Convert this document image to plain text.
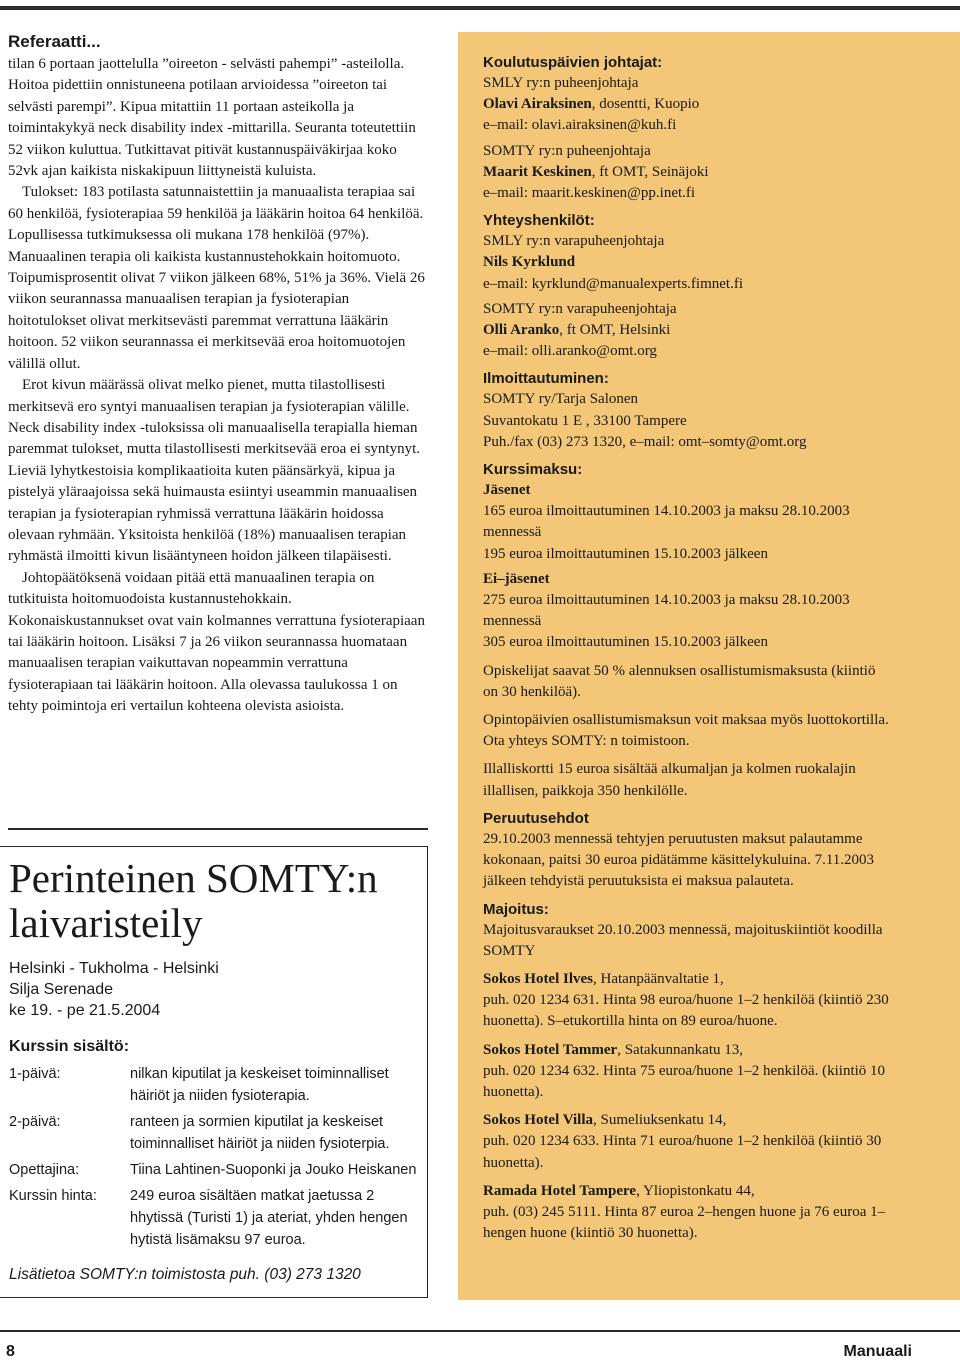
Referaatti...

tilan 6 portaan jaottelulla ”oireeton - selvästi pahempi” -asteilolla. Hoitoa pidettiin onnistuneena potilaan arvioidessa ”oireeton tai selvästi parempi”. Kipua mitattiin 11 portaan asteikolla ja toimintakykyä neck disability index -mittarilla. Seuranta toteutettiin 52 viikon kuluttua. Tutkittavat pitivät kustannuspäiväkirjaa koko 52vk ajan kaikista niskakipuun liittyneistä kuluista.

Tulokset: 183 potilasta satunnaistettiin ja manuaalista terapiaa sai 60 henkilöä, fysioterapiaa 59 henkilöä ja lääkärin hoitoa 64 henkilöä. Lopullisessa tutkimuksessa oli mukana 178 henkilöä (97%). Manuaalinen terapia oli kaikista kustannustehokkain hoitomuoto. Toipumisprosentit olivat 7 viikon jälkeen 68%, 51% ja 36%. Vielä 26 viikon seurannassa manuaalisen terapian ja fysioterapian hoitotulokset olivat merkitsevästi paremmat verrattuna lääkärin hoitoon. 52 viikon seurannassa ei merkitsevää eroa hoitomuotojen välillä ollut.

Erot kivun määrässä olivat melko pienet, mutta tilastollisesti merkitsevä ero syntyi manuaalisen terapian ja fysioterapian välille. Neck disability index -tuloksissa oli manuaalisella terapialla hieman paremmat tulokset, mutta tilastollisesti merkitsevää eroa ei syntynyt. Lieviä lyhytkestoisia komplikaatioita kuten päänsärkyä, kipua ja pistelyä yläraajoissa sekä huimausta esiintyi useammin manuaalisen terapian ja fysioterapian ryhmissä verrattuna lääkärin hoidossa olevaan ryhmään. Yksitoista henkilöä (18%) manuaalisen terapian ryhmästä ilmoitti kivun lisääntyneen hoidon jälkeen tilapäisesti.

Johtopäätöksenä voidaan pitää että manuaalinen terapia on tutkituista hoitomuodoista kustannustehokkain. Kokonaiskustannukset ovat vain kolmannes verrattuna fysioterapiaan tai lääkärin hoitoon. Lisäksi 7 ja 26 viikon seurannassa huomataan manuaalisen terapian vaikuttavan nopeammin verrattuna fysioterapiaan tai lääkärin hoitoon. Alla olevassa taulukossa 1 on tehty poimintoja eri vertailun kohteena olevista asioista.

Perinteinen SOMTY:n laivaristeily
Helsinki - Tukholma - Helsinki
Silja Serenade
ke 19. - pe 21.5.2004
Kurssin sisältö:
1-päivä:	nilkan kiputilat ja keskeiset toiminnalliset häiriöt ja niiden fysioterapia.
2-päivä:	ranteen ja sormien kiputilat ja keskeiset toiminnalliset häiriöt ja niiden fysioterpia.
Opettajina:	Tiina Lahtinen-Suoponki ja Jouko Heiskanen
Kurssin hinta:	249 euroa sisältäen matkat jaetussa 2 hhytissä (Turisti 1) ja ateriat, yhden hengen hytistä lisämaksu 97 euroa.
Lisätietoa SOMTY:n toimistosta puh. (03) 273 1320

Koulutuspäivien johtajat:

SMLY ry:n puheenjohtaja

Olavi Airaksinen, dosentti, Kuopio

e–mail: olavi.airaksinen@kuh.fi

SOMTY ry:n puheenjohtaja

Maarit Keskinen, ft OMT, Seinäjoki

e–mail: maarit.keskinen@pp.inet.fi

Yhteyshenkilöt:

SMLY ry:n varapuheenjohtaja

Nils Kyrklund

e–mail: kyrklund@manualexperts.fimnet.fi

SOMTY ry:n varapuheenjohtaja

Olli Aranko, ft OMT, Helsinki

e–mail: olli.aranko@omt.org

Ilmoittautuminen:

SOMTY ry/Tarja Salonen

Suvantokatu 1 E , 33100 Tampere

Puh./fax (03) 273 1320, e–mail: omt–somty@omt.org

Kurssimaksu:

Jäsenet

165 euroa ilmoittautuminen 14.10.2003 ja maksu 28.10.2003 mennessä

195 euroa ilmoittautuminen 15.10.2003 jälkeen

Ei–jäsenet

275 euroa ilmoittautuminen 14.10.2003 ja maksu 28.10.2003 mennessä

305 euroa ilmoittautuminen 15.10.2003 jälkeen

Opiskelijat saavat 50 % alennuksen osallistumismaksusta (kiintiö on 30 henkilöä).

Opintopäivien osallistumismaksun voit maksaa myös luottokortilla. Ota yhteys SOMTY: n toimistoon.

Illalliskortti 15 euroa sisältää alkumaljan ja kolmen ruokalajin illallisen, paikkoja 350 henkilölle.

Peruutusehdot

29.10.2003 mennessä tehtyjen peruutusten maksut palautamme kokonaan, paitsi 30 euroa pidätämme käsittelykuluina. 7.11.2003 jälkeen tehdyistä peruutuksista ei maksua palauteta.

Majoitus:

Majoitusvaraukset 20.10.2003 mennessä, majoituskiintiöt koodilla SOMTY

Sokos Hotel Ilves, Hatanpäänvaltatie 1,

puh. 020 1234 631. Hinta 98 euroa/huone 1–2 henkilöä (kiintiö 230 huonetta). S–etukortilla hinta on 89 euroa/huone.

Sokos Hotel Tammer, Satakunnankatu 13,

puh. 020 1234 632. Hinta 75 euroa/huone 1–2 henkilöä. (kiintiö 10 huonetta).

Sokos Hotel Villa, Sumeliuksenkatu 14,

puh. 020 1234 633. Hinta 71 euroa/huone 1–2 henkilöä (kiintiö 30 huonetta).

Ramada Hotel Tampere, Yliopistonkatu 44,

puh. (03) 245 5111. Hinta 87 euroa 2–hengen huone ja 76 euroa 1–hengen huone (kiintiö 30 huonetta).

8	Manuaali
